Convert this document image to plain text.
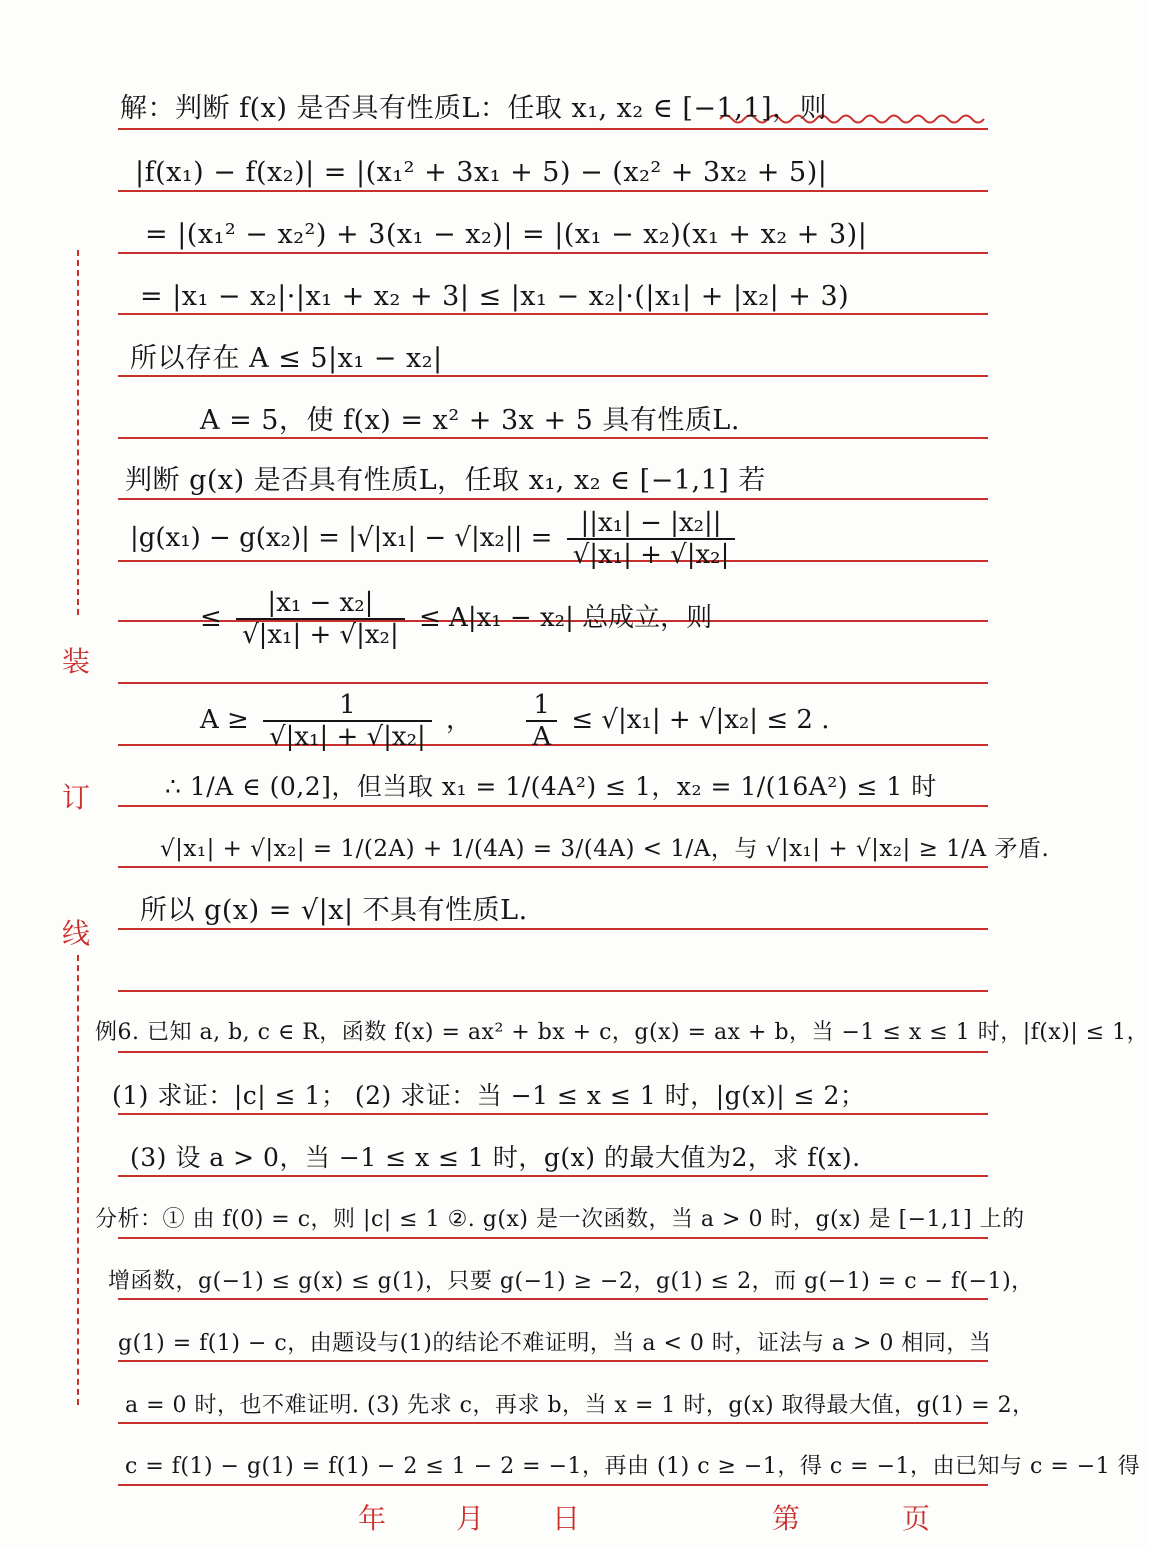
装
订
线
解：判断 f(x) 是否具有性质L：任取 x₁, x₂ ∈ [−1,1]，则
|f(x₁) − f(x₂)| = |(x₁² + 3x₁ + 5) − (x₂² + 3x₂ + 5)|
= |(x₁² − x₂²) + 3(x₁ − x₂)| = |(x₁ − x₂)(x₁ + x₂ + 3)|
= |x₁ − x₂|·|x₁ + x₂ + 3| ≤ |x₁ − x₂|·(|x₁| + |x₂| + 3)
所以存在 A ≤ 5|x₁ − x₂|
A = 5，使 f(x) = x² + 3x + 5 具有性质L.
判断 g(x) 是否具有性质L，任取 x₁, x₂ ∈ [−1,1] 若
$|g(x_1) - g(x_2)| = |√|x_1| - √|x_2|| = \frac{\text{||x₁| − |x₂||}}{\text{√|x₁| + √|x₂|}}$
≤ $\frac{\text{|x₁ − x₂|}}{\text{√|x₁| + √|x₂|}} \le A|x_1 - x_2|$ 总成立，则
$A \ge \frac{1}{\text{√|x₁| + √|x₂|}}$ ， $\frac{1}{A} \le √|x_1| + √|x_2| \le 2$ .
∴ 1/A ∈ (0,2]，但当取 x₁ = 1/(4A²) ≤ 1，x₂ = 1/(16A²) ≤ 1 时
√|x₁| + √|x₂| = 1/(2A) + 1/(4A) = 3/(4A) < 1/A，与 √|x₁| + √|x₂| ≥ 1/A 矛盾.
所以 g(x) = √|x| 不具有性质L.
例6. 已知 a, b, c ∈ R，函数 f(x) = ax² + bx + c，g(x) = ax + b，当 −1 ≤ x ≤ 1 时，|f(x)| ≤ 1，
(1) 求证：|c| ≤ 1； (2) 求证：当 −1 ≤ x ≤ 1 时，|g(x)| ≤ 2；
(3) 设 a > 0，当 −1 ≤ x ≤ 1 时，g(x) 的最大值为2，求 f(x).
分析：① 由 f(0) = c，则 |c| ≤ 1 ②. g(x) 是一次函数，当 a > 0 时，g(x) 是 [−1,1] 上的
增函数，g(−1) ≤ g(x) ≤ g(1)，只要 g(−1) ≥ −2，g(1) ≤ 2，而 g(−1) = c − f(−1)，
g(1) = f(1) − c，由题设与(1)的结论不难证明，当 a < 0 时，证法与 a > 0 相同，当
a = 0 时，也不难证明. (3) 先求 c，再求 b，当 x = 1 时，g(x) 取得最大值，g(1) = 2，
c = f(1) − g(1) = f(1) − 2 ≤ 1 − 2 = −1，再由 (1) c ≥ −1，得 c = −1，由已知与 c = −1 得
年 月 日	第	页
